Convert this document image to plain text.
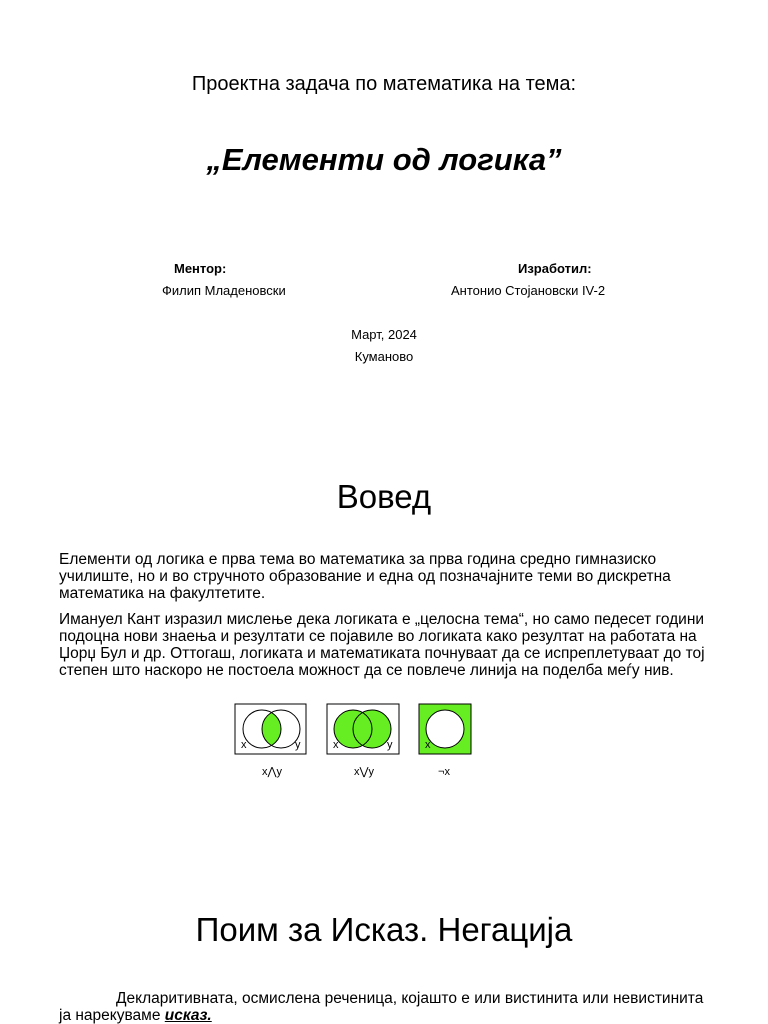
Проектна задача по математика на тема:
„Елементи од логика”
Ментор:
Филип Младеновски
Изработил:
Антонио Стојановски IV-2
Март, 2024
Куманово
Вовед
Елементи од логика е прва тема во математика за прва година средно гимназиско училиште, но и во стручното образование и една од позначајните теми во дискретна математика на факултетите.
Имануел Кант изразил мислење дека логиката е „целосна тема“, но само педесет години подоцна нови знаења и резултати се појавиле во логиката како резултат на работата на Џорџ Бул и др. Оттогаш, логиката и математиката почнуваат да се испреплетуваат до тој степен што наскоро не постоела можност да се повлече линија на поделба меѓу нив.
x	y
x⋀y
x	y
x⋁y
x
¬x
Поим за Исказ. Негација
Декларитивната, осмислена реченица, којашто е или вистинита или невистинита ја нарекуваме исказ.
